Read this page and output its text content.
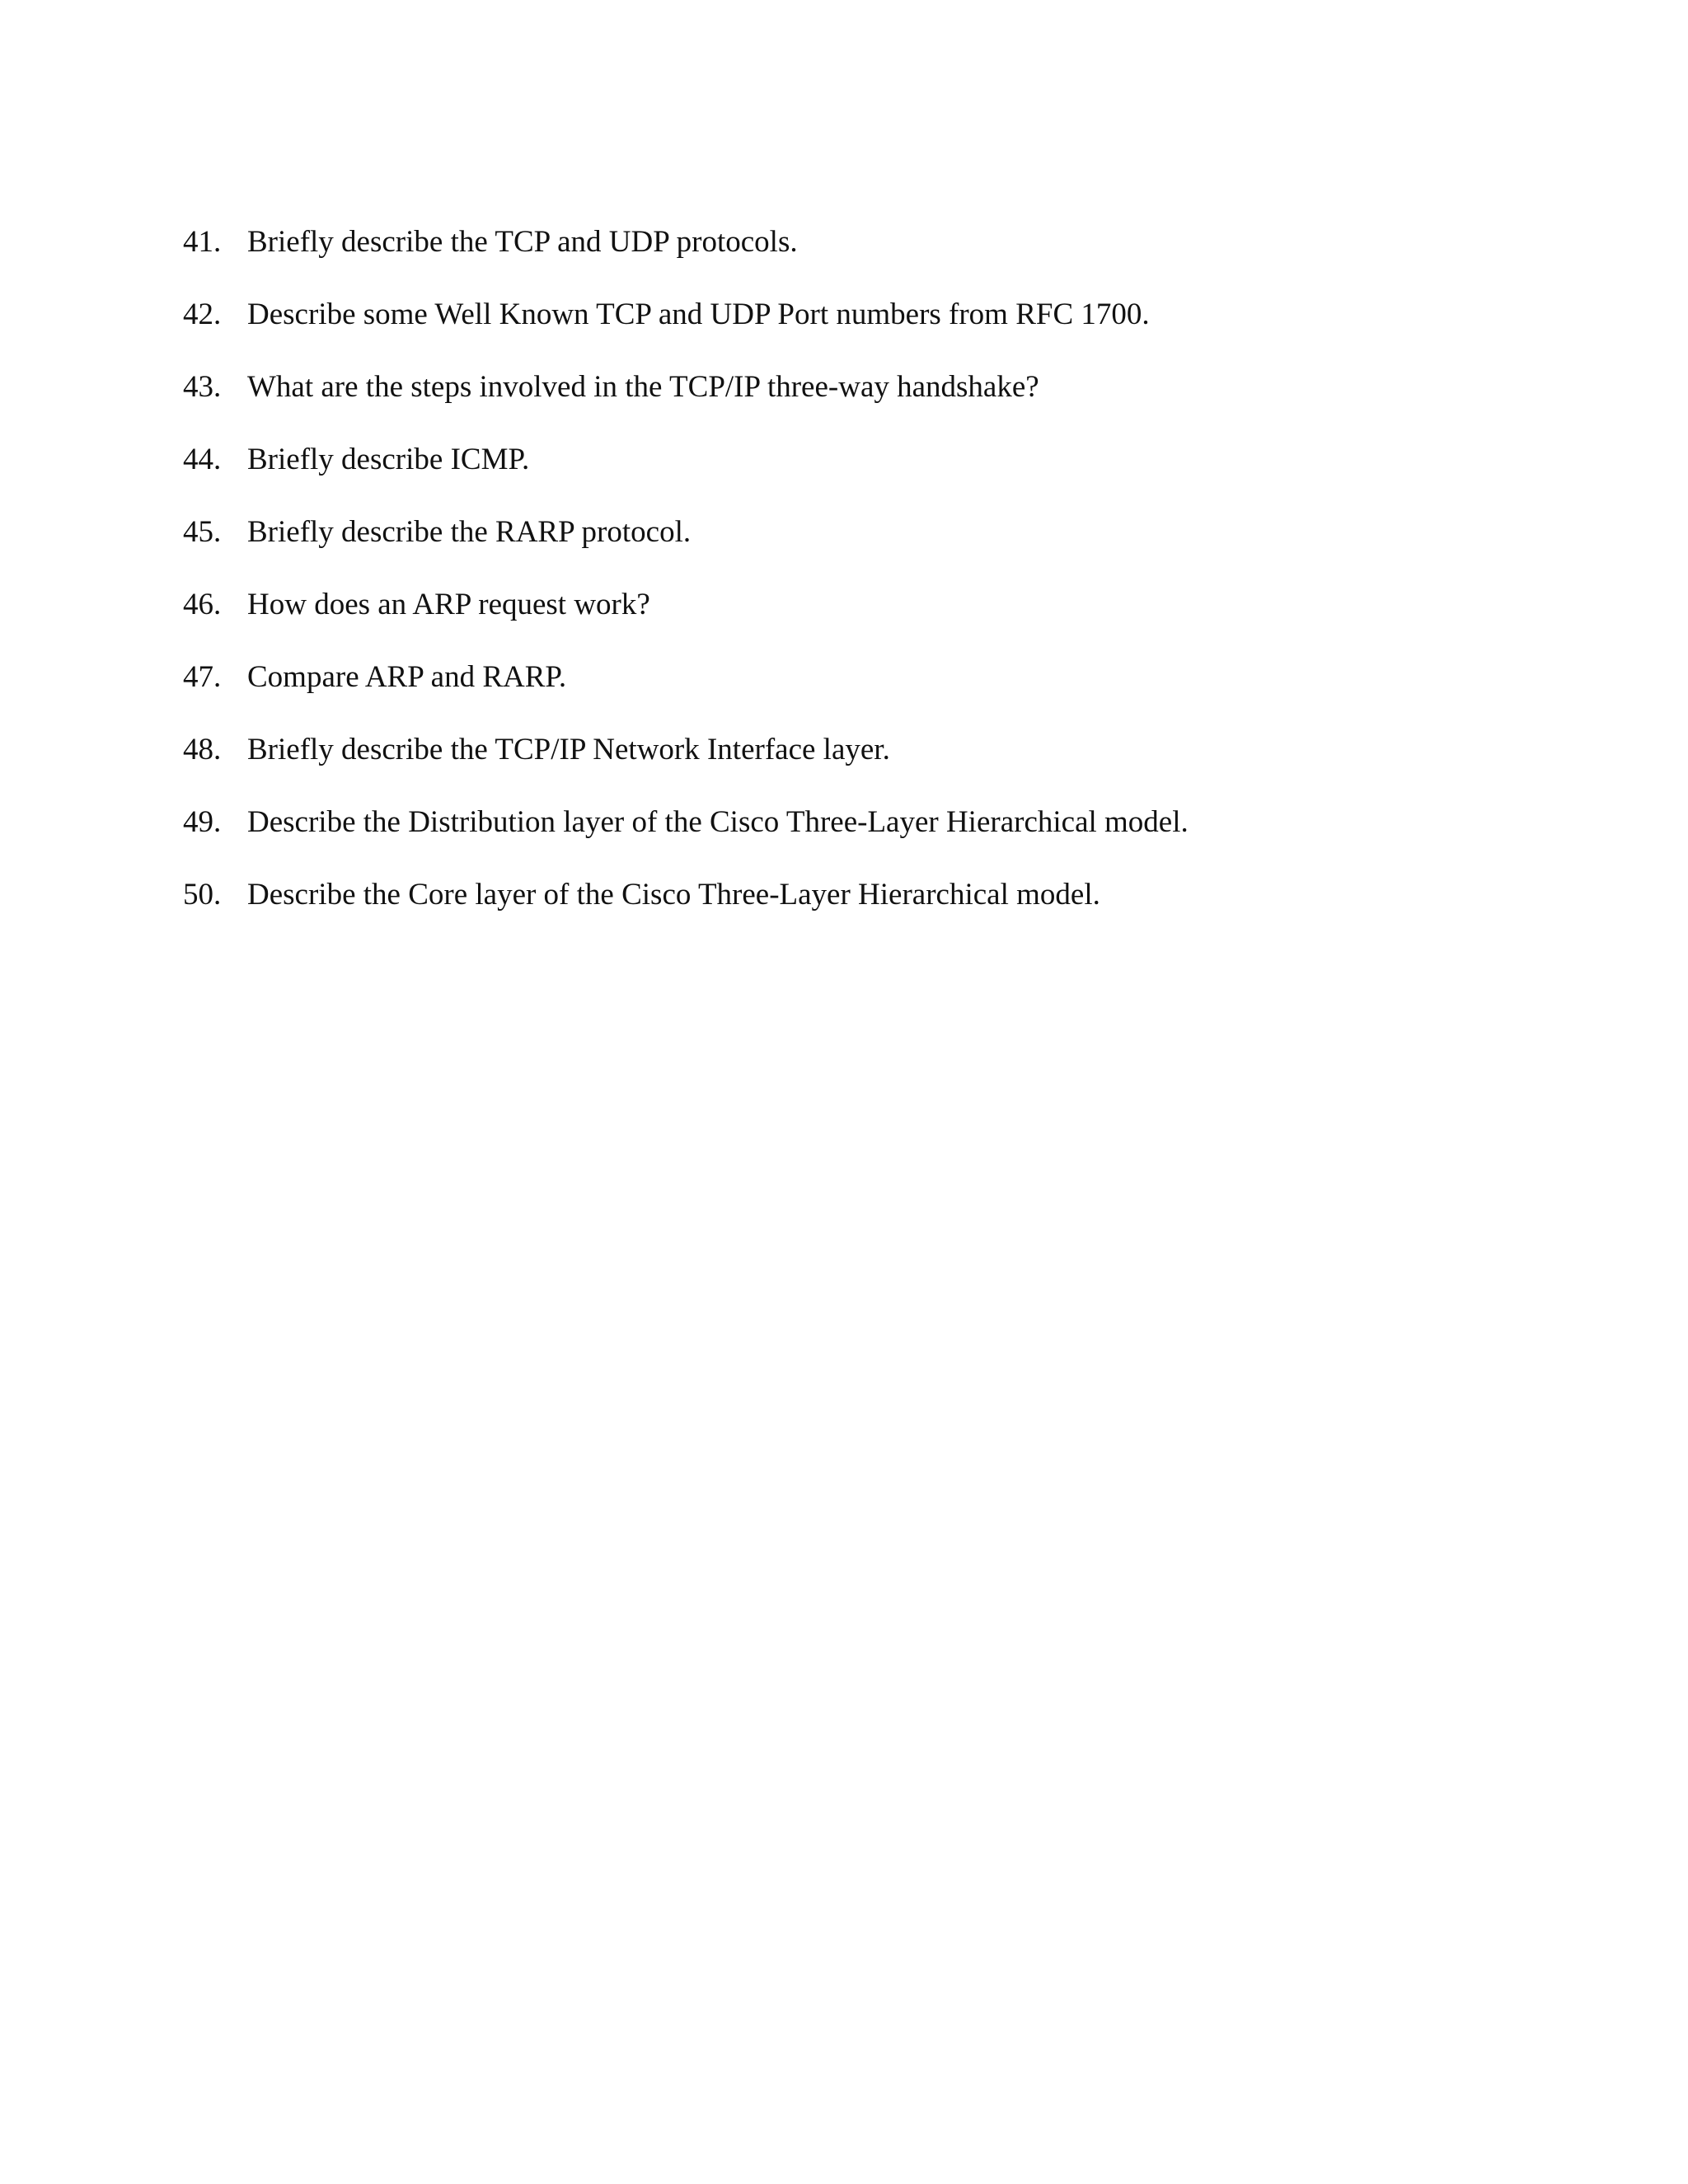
41. Briefly describe the TCP and UDP protocols.
42. Describe some Well Known TCP and UDP Port numbers from RFC 1700.
43. What are the steps involved in the TCP/IP three-way handshake?
44. Briefly describe ICMP.
45. Briefly describe the RARP protocol.
46. How does an ARP request work?
47. Compare ARP and RARP.
48. Briefly describe the TCP/IP Network Interface layer.
49. Describe the Distribution layer of the Cisco Three-Layer Hierarchical model.
50. Describe the Core layer of the Cisco Three-Layer Hierarchical model.
